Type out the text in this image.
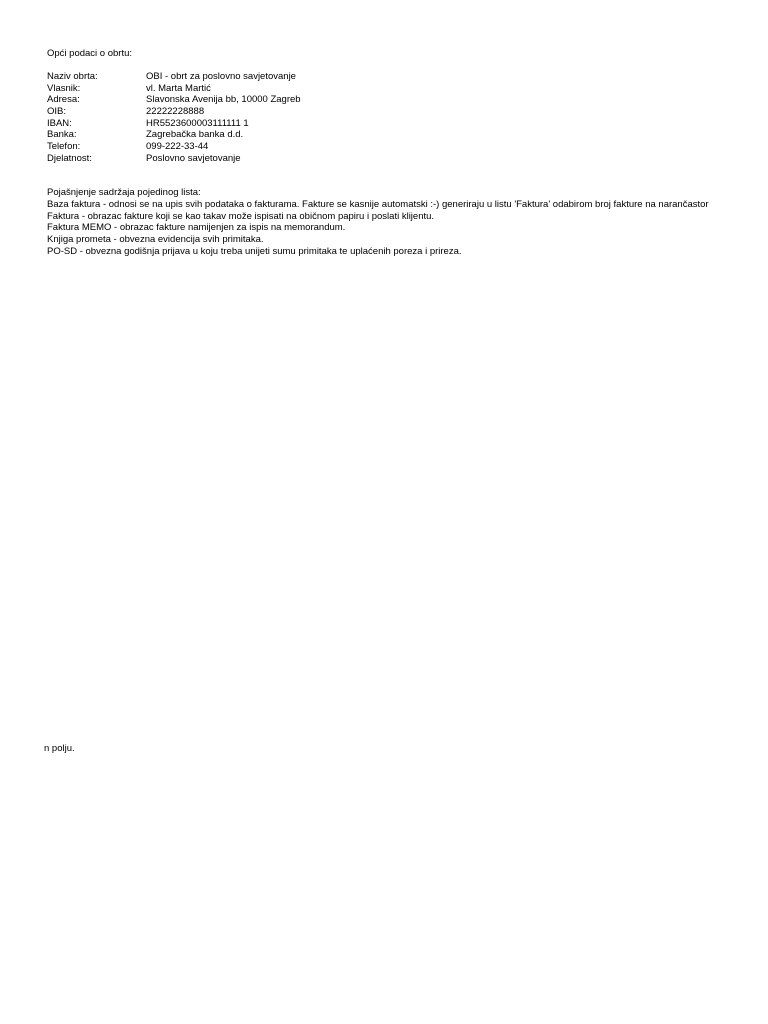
Opći podaci o obrtu:
Naziv obrta:	OBI - obrt za poslovno savjetovanje
Vlasnik:	vl. Marta Martić
Adresa:	Slavonska Avenija bb, 10000 Zagreb
OIB:	22222228888
IBAN:	HR5523600003111111 1
Banka:	Zagrebačka banka d.d.
Telefon:	099-222-33-44
Djelatnost:	Poslovno savjetovanje
Pojašnjenje sadržaja pojedinog lista:
Baza faktura - odnosi se na upis svih podataka o fakturama. Fakture se kasnije automatski :-) generiraju u listu 'Faktura' odabirom broj fakture na narančastor
Faktura - obrazac fakture koji se kao takav može ispisati na običnom papiru i poslati klijentu.
Faktura MEMO - obrazac fakture namijenjen za ispis na memorandum.
Knjiga prometa - obvezna evidencija svih primitaka.
PO-SD - obvezna godišnja prijava u koju treba unijeti sumu primitaka te uplaćenih poreza i prireza.
n polju.
